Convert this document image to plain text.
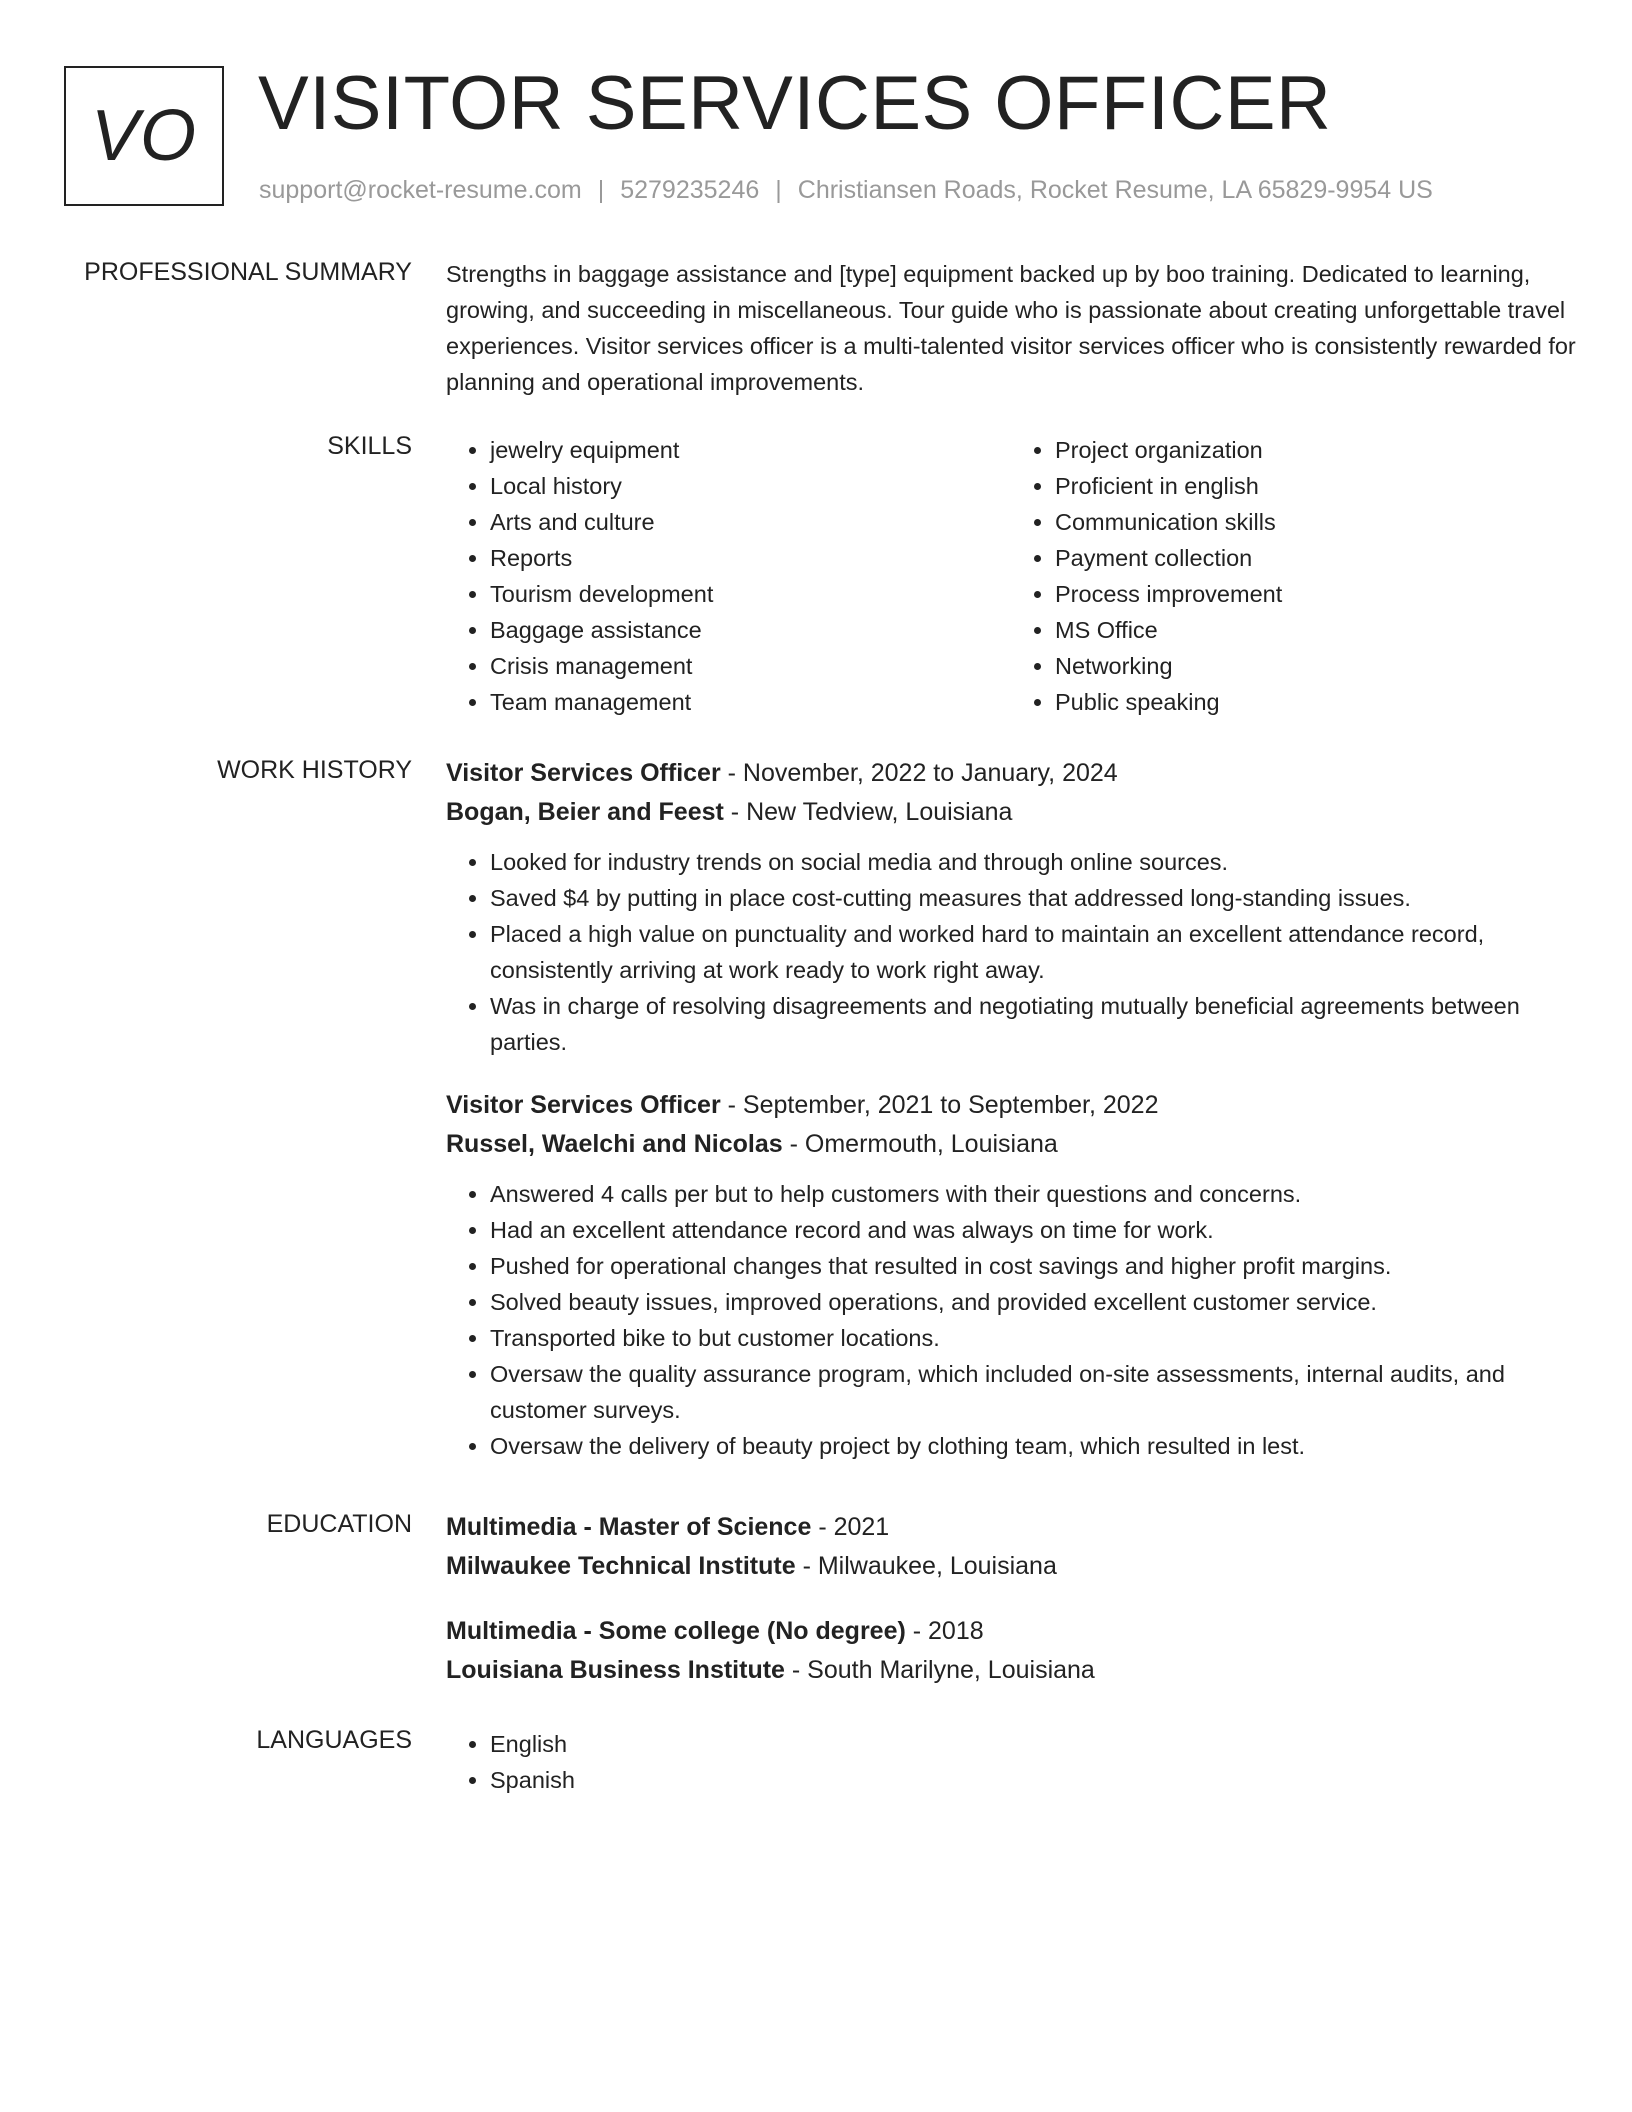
VO VISITOR SERVICES OFFICER
support@rocket-resume.com | 5279235246 | Christiansen Roads, Rocket Resume, LA 65829-9954 US
PROFESSIONAL SUMMARY Strengths in baggage assistance and [type] equipment backed up by boo training. Dedicated to learning, growing, and succeeding in miscellaneous. Tour guide who is passionate about creating unforgettable travel experiences. Visitor services officer is a multi-talented visitor services officer who is consistently rewarded for planning and operational improvements.
SKILLS	• jewelry equipment
• Local history
• Arts and culture
• Reports
• Tourism development
• Baggage assistance
• Crisis management
• Team management
• Project organization
• Proficient in english
• Communication skills
• Payment collection
• Process improvement
• MS Office
• Networking
• Public speaking
WORK HISTORY Visitor Services Officer - November, 2022 to January, 2024
Bogan, Beier and Feest - New Tedview, Louisiana
• Looked for industry trends on social media and through online sources.
• Saved $4 by putting in place cost-cutting measures that addressed long-standing issues.
• Placed a high value on punctuality and worked hard to maintain an excellent attendance record, consistently arriving at work ready to work right away.
• Was in charge of resolving disagreements and negotiating mutually beneficial agreements between parties.
Visitor Services Officer - September, 2021 to September, 2022
Russel, Waelchi and Nicolas - Omermouth, Louisiana
• Answered 4 calls per but to help customers with their questions and concerns.
• Had an excellent attendance record and was always on time for work.
• Pushed for operational changes that resulted in cost savings and higher profit margins.
• Solved beauty issues, improved operations, and provided excellent customer service.
• Transported bike to but customer locations.
• Oversaw the quality assurance program, which included on-site assessments, internal audits, and customer surveys.
• Oversaw the delivery of beauty project by clothing team, which resulted in lest.
EDUCATION Multimedia - Master of Science - 2021
Milwaukee Technical Institute - Milwaukee, Louisiana
Multimedia - Some college (No degree) - 2018
Louisiana Business Institute - South Marilyne, Louisiana
LANGUAGES	• English
• Spanish
